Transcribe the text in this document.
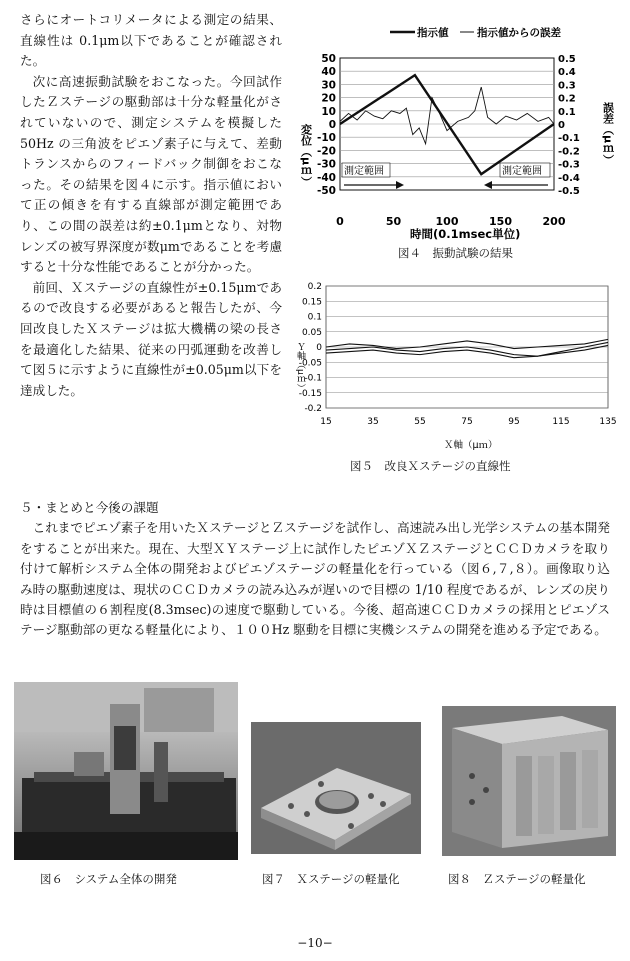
さらにオートコリメータによる測定の結果、直線性は 0.1μm以下であることが確認された。

次に高速振動試験をおこなった。今回試作したＺステージの駆動部は十分な軽量化がされていないので、測定システムを模擬した 50Hz の三角波をピエゾ素子に与えて、差動トランスからのフィードバック制御をおこなった。その結果を図４に示す。指示値において正の傾きを有する直線部が測定範囲であり、この間の誤差は約±0.1μmとなり、対物レンズの被写界深度が数μmであることを考慮すると十分な性能であることが分かった。

前回、Ｘステージの直線性が±0.15μmであるので改良する必要があると報告したが、今回改良したＸステージは拡大機構の梁の長さを最適化した結果、従来の円弧運動を改善して図５に示すように直線性が±0.05μm以下を達成した。

指示値	指示値からの誤差
50
40
30
20
10
0
-10
-20
-30
-40
-50
0.5
0.4
0.3
0.2
0.1
0
-0.1
-0.2
-0.3
-0.4
-0.5
0	50	100	150	200
測定範囲	測定範囲
変位（μｍ）	誤差（μｍ）
時間(0.1msec単位)
図４　振動試験の結果
0.2
0.15
0.1
0.05
0
-0.05
-0.1
-0.15
-0.2
15	35	55	75	95	115	135
Ｙ軸（μｍ）
Ｘ軸（μｍ）
図５　改良Ｘステージの直線性
５・まとめと今後の課題

これまでピエゾ素子を用いたＸステージとＺステージを試作し、高速読み出し光学システムの基本開発をすることが出来た。現在、大型ＸＹステージ上に試作したピエゾＸＺステージとＣＣＤカメラを取り付けて解析システム全体の開発およびピエゾステージの軽量化を行っている（図６,７,８）。画像取り込み時の駆動速度は、現状のＣＣＤカメラの読み込みが遅いので目標の 1/10 程度であるが、レンズの戻り時は目標値の６割程度(8.3msec)の速度で駆動している。今後、超高速ＣＣＤカメラの採用とピエゾステージ駆動部の更なる軽量化により、１００Hz 駆動を目標に実機システムの開発を進める予定である。

図６　システム全体の開発	図７　Ｘステージの軽量化	図８　Ｚステージの軽量化
−10−
